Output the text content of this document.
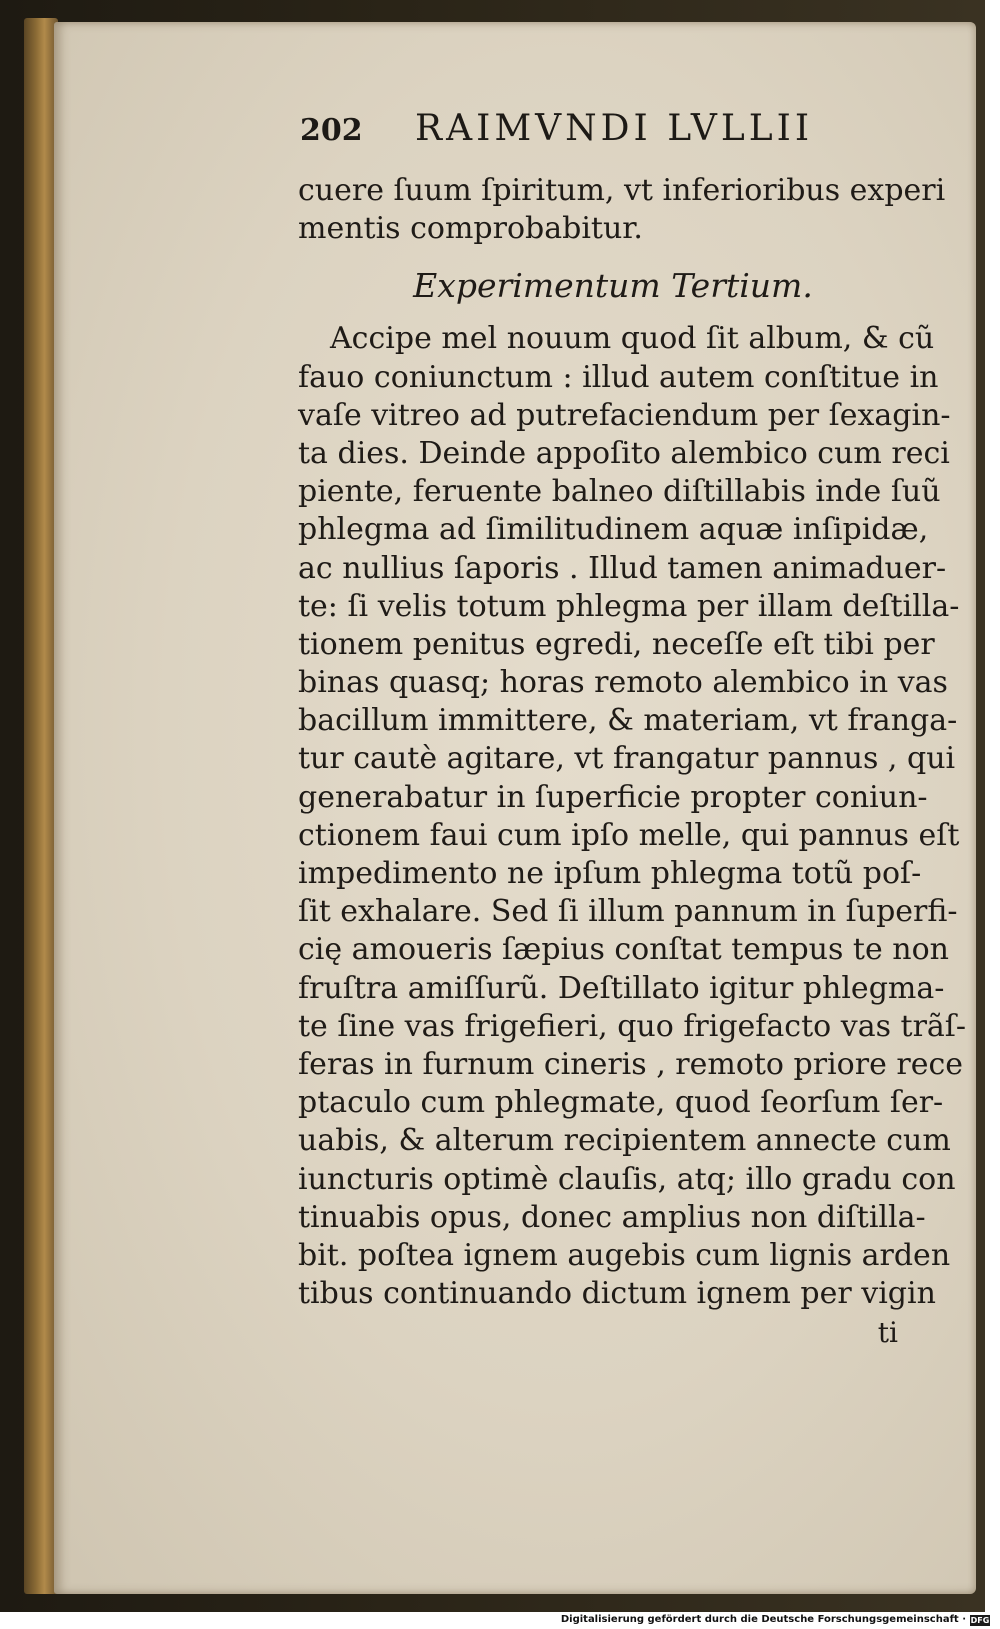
202	RAIMVNDI LVLLII
cuere ſuum ſpiritum, vt inferioribus experi
mentis comprobabitur.
Experimentum Tertium.
Accipe mel nouum quod ſit album, & cũ
fauo coniunctum : illud autem conſtitue in
vaſe vitreo ad putrefaciendum per ſexagin-
ta dies. Deinde appoſito alembico cum reci
piente, feruente balneo diſtillabis inde ſuũ
phlegma ad ſimilitudinem aquæ inſipidæ,
ac nullius ſaporis . Illud tamen animaduer-
te: ſi velis totum phlegma per illam deſtilla-
tionem penitus egredi, neceſſe eſt tibi per
binas quasq; horas remoto alembico in vas
bacillum immittere, & materiam, vt franga-
tur cautè agitare, vt frangatur pannus , qui
generabatur in ſuperficie propter coniun-
ctionem faui cum ipſo melle, qui pannus eſt
impedimento ne ipſum phlegma totũ poſ-
ſit exhalare. Sed ſi illum pannum in ſuperfi-
cię amoueris ſæpius conſtat tempus te non
fruſtra amiſſurũ. Deſtillato igitur phlegma-
te ſine vas frigefieri, quo frigefacto vas trãſ-
feras in furnum cineris , remoto priore rece
ptaculo cum phlegmate, quod ſeorſum ſer-
uabis, & alterum recipientem annecte cum
iuncturis optimè clauſis, atq; illo gradu con
tinuabis opus, donec amplius non diſtilla-
bit. poſtea ignem augebis cum lignis arden
tibus continuando dictum ignem per vigin
ti
Digitalisierung gefördert durch die Deutsche Forschungsgemeinschaft · DFG
